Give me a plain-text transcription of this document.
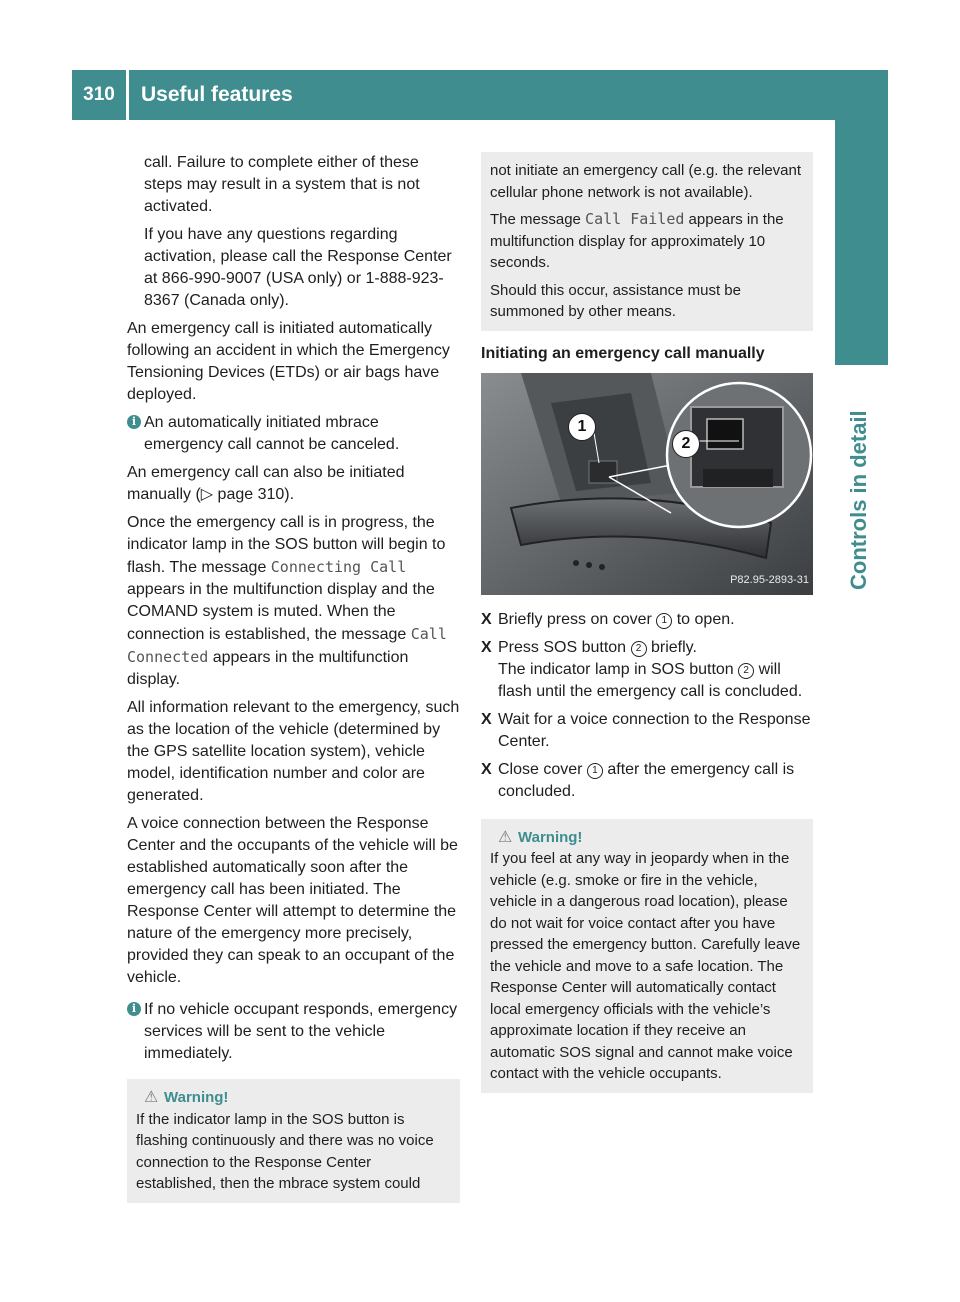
310	Useful features
Controls in detail

call. Failure to complete either of these steps may result in a system that is not activated.

If you have any questions regarding activation, please call the Response Center at 866-990-9007 (USA only) or 1-888-923-8367 (Canada only).

An emergency call is initiated automatically following an accident in which the Emergency Tensioning Devices (ETDs) or air bags have deployed.

i An automatically initiated mbrace emergency call cannot be canceled.

An emergency call can also be initiated manually (▷ page 310).

Once the emergency call is in progress, the indicator lamp in the SOS button will begin to flash. The message Connecting Call appears in the multifunction display and the COMAND system is muted. When the connection is established, the message Call Connected appears in the multifunction display.

All information relevant to the emergency, such as the location of the vehicle (determined by the GPS satellite location system), vehicle model, identification number and color are generated.

A voice connection between the Response Center and the occupants of the vehicle will be established automatically soon after the emergency call has been initiated. The Response Center will attempt to determine the nature of the emergency more precisely, provided they can speak to an occupant of the vehicle.

i If no vehicle occupant responds, emergency services will be sent to the vehicle immediately.
⚠ Warning!
If the indicator lamp in the SOS button is flashing continuously and there was no voice connection to the Response Center established, then the mbrace system could

not initiate an emergency call (e.g. the relevant cellular phone network is not available).

The message Call Failed appears in the multifunction display for approximately 10 seconds.

Should this occur, assistance must be summoned by other means.

Initiating an emergency call manually
1
2
P82.95-2893-31
X Briefly press on cover 1 to open.
X Press SOS button 2 briefly.
The indicator lamp in SOS button 2 will flash until the emergency call is concluded.
X Wait for a voice connection to the Response Center.
X Close cover 1 after the emergency call is concluded.
⚠ Warning!
If you feel at any way in jeopardy when in the vehicle (e.g. smoke or fire in the vehicle, vehicle in a dangerous road location), please do not wait for voice contact after you have pressed the emergency button. Carefully leave the vehicle and move to a safe location. The Response Center will automatically contact local emergency officials with the vehicle’s approximate location if they receive an automatic SOS signal and cannot make voice contact with the vehicle occupants.
